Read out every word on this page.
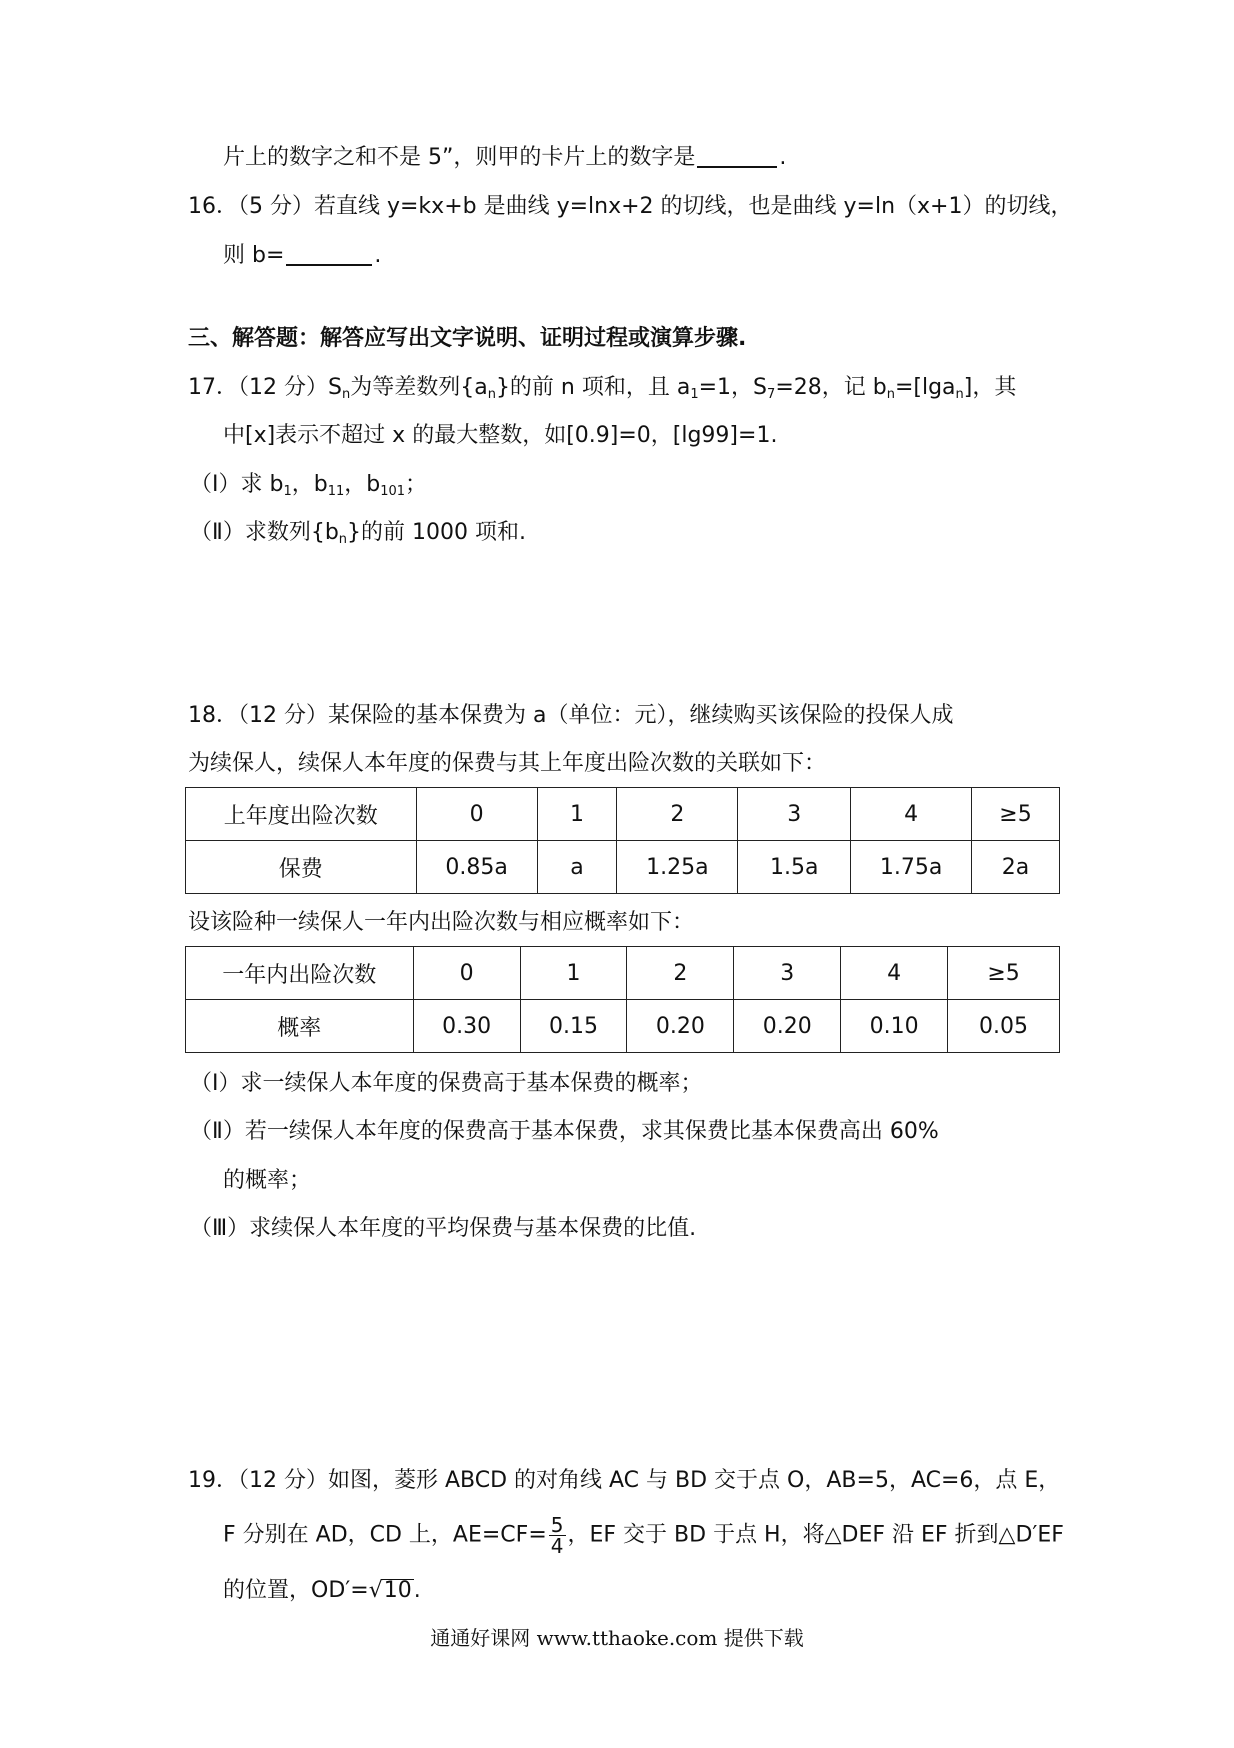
片上的数字之和不是 5”，则甲的卡片上的数字是	.
16．（5 分）若直线 y=kx+b 是曲线 y=lnx+2 的切线，也是曲线 y=ln（x+1）的切线，
则 b=	.
三、解答题：解答应写出文字说明、证明过程或演算步骤.
17．（12 分）$S_n$为等差数列$\{a_n\}$的前 n 项和，且 $a_1=1$，$S_7=28$，记 $b_n=[\lg a_n]$，其
中[x]表示不超过 x 的最大整数，如[0.9]=0，[lg99]=1.
（Ⅰ）求 $b_1$，$b_{11}$，$b_{101}$；
（Ⅱ）求数列$\{b_n\}$的前 1000 项和.
18．（12 分）某保险的基本保费为 a（单位：元），继续购买该保险的投保人成
为续保人，续保人本年度的保费与其上年度出险次数的关联如下：
上年度出险次数	0	1	2	3	4	≥5
保费	0.85a	a	1.25a	1.5a	1.75a	2a
设该险种一续保人一年内出险次数与相应概率如下：
一年内出险次数	0	1	2	3	4	≥5
概率	0.30	0.15	0.20	0.20	0.10	0.05
（Ⅰ）求一续保人本年度的保费高于基本保费的概率；
（Ⅱ）若一续保人本年度的保费高于基本保费，求其保费比基本保费高出 60%
的概率；
（Ⅲ）求续保人本年度的平均保费与基本保费的比值.
19．（12 分）如图，菱形 ABCD 的对角线 AC 与 BD 交于点 O，AB=5，AC=6，点 E，
F 分别在 AD，CD 上，$AE=CF= \frac{5}{4}$ ，EF 交于 BD 于点 H，将△DEF 沿 EF 折到△D′EF
的位置，OD′=√10.
通通好课网 www.tthaoke.com 提供下载
